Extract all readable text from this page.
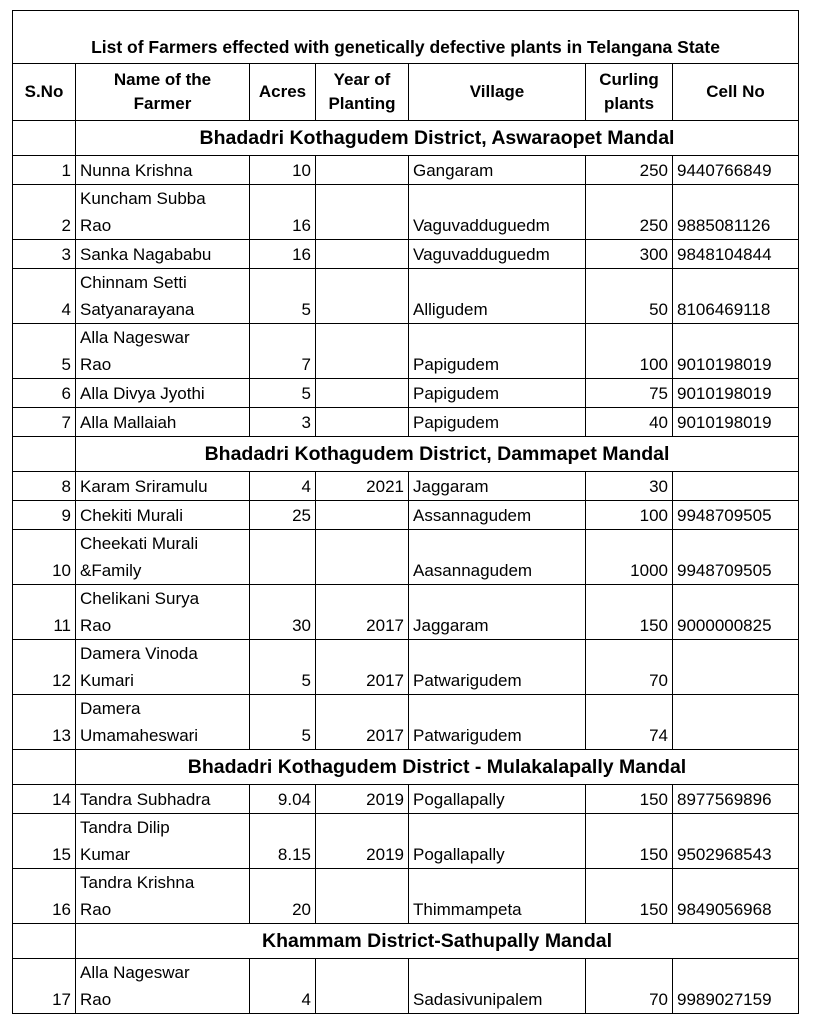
List of Farmers effected with genetically defective plants in Telangana State						
S.No	Name of the Farmer	Acres	Year of Planting	Village	Curling plants	Cell No
	Bhadadri Kothagudem District, Aswaraopet Mandal					
1	Nunna Krishna	10		Gangaram	250	9440766849
2	Kuncham Subba
Rao	16		Vaguvadduguedm	250	9885081126
3	Sanka Nagababu	16		Vaguvadduguedm	300	9848104844
4	Chinnam Setti
Satyanarayana	5		Alligudem	50	8106469118
5	Alla Nageswar
Rao	7		Papigudem	100	9010198019
6	Alla Divya Jyothi	5		Papigudem	75	9010198019
7	Alla Mallaiah	3		Papigudem	40	9010198019
	Bhadadri Kothagudem District, Dammapet Mandal					
8	Karam Sriramulu	4	2021	Jaggaram	30	
9	Chekiti Murali	25		Assannagudem	100	9948709505
10	Cheekati Murali
&Family			Aasannagudem	1000	9948709505
11	Chelikani Surya
Rao	30	2017	Jaggaram	150	9000000825
12	Damera Vinoda
Kumari	5	2017	Patwarigudem	70	
13	Damera
Umamaheswari	5	2017	Patwarigudem	74	
	Bhadadri Kothagudem District - Mulakalapally Mandal					
14	Tandra Subhadra	9.04	2019	Pogallapally	150	8977569896
15	Tandra Dilip
Kumar	8.15	2019	Pogallapally	150	9502968543
16	Tandra Krishna
Rao	20		Thimmampeta	150	9849056968
	Khammam District-Sathupally Mandal					
17	Alla Nageswar
Rao	4		Sadasivunipalem	70	9989027159
